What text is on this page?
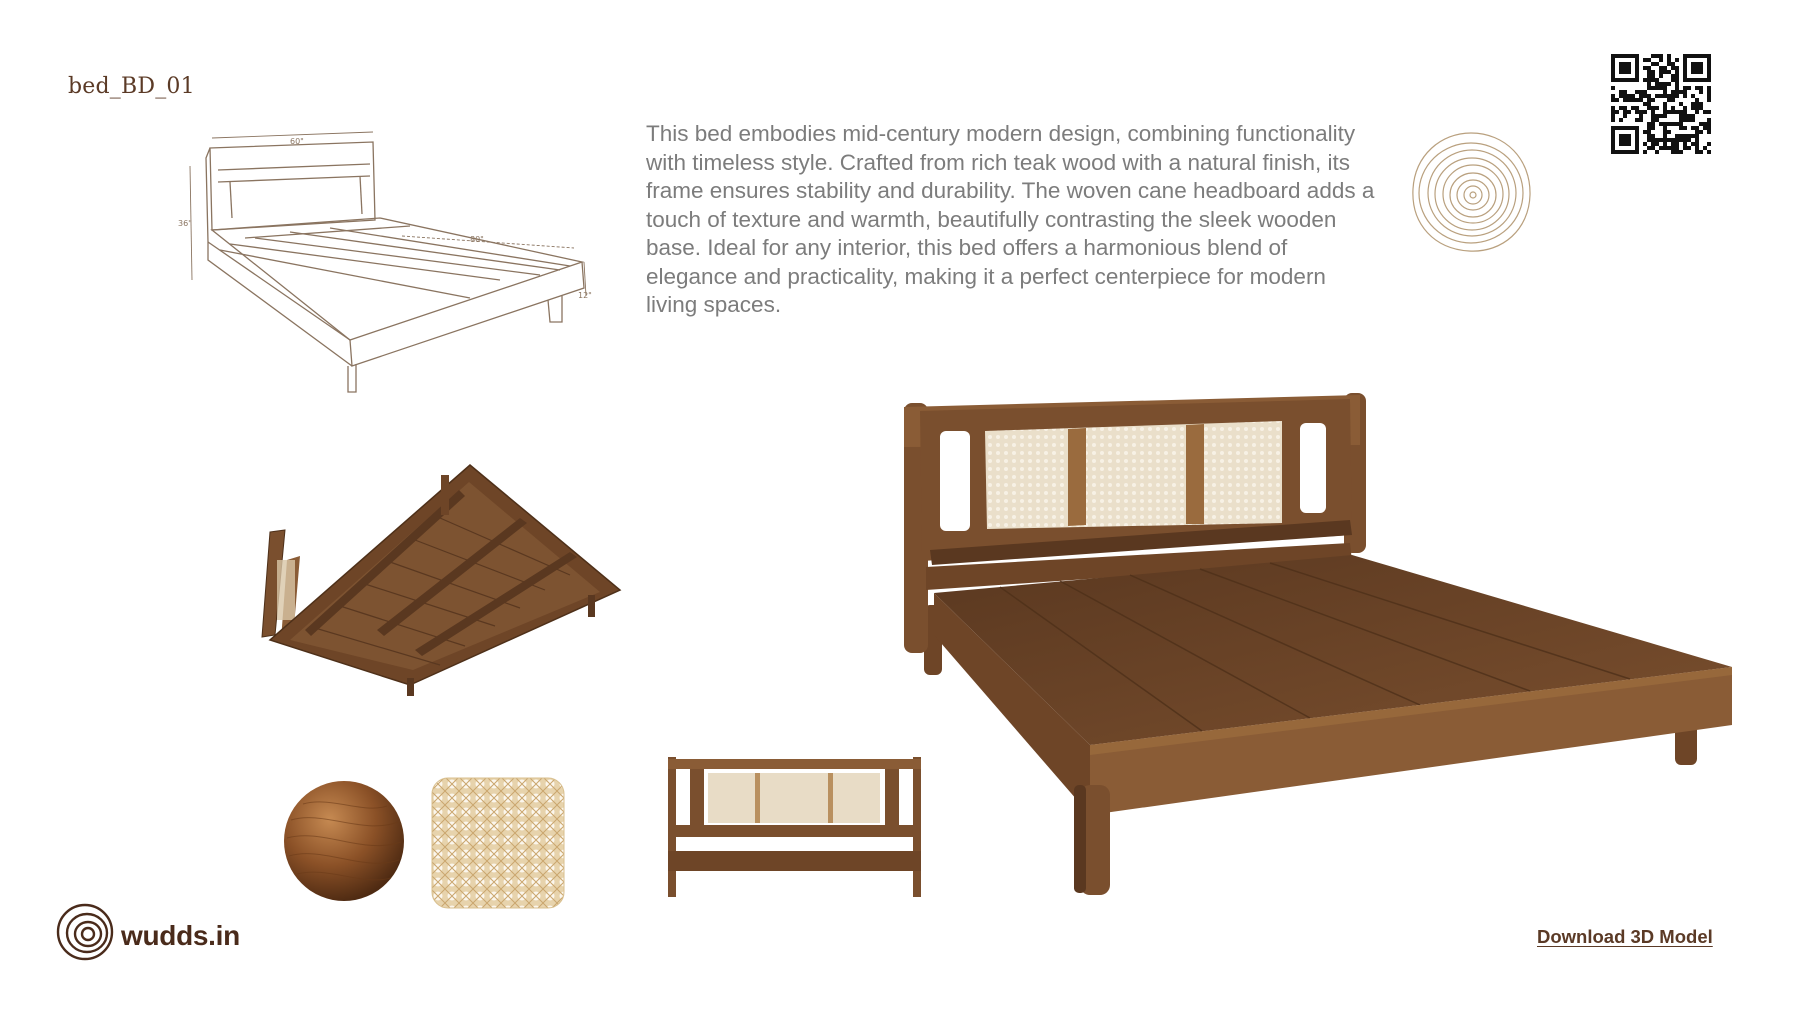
bed_BD_01
60"
36"
80"
12"

This bed embodies mid-century modern design, combining functionality with timeless style. Crafted from rich teak wood with a natural finish, its frame ensures stability and durability. The woven cane headboard adds a touch of texture and warmth, beautifully contrasting the sleek wooden base. Ideal for any interior, this bed offers a harmonious blend of elegance and practicality, making it a perfect centerpiece for modern living spaces.

wudds.in	Download 3D Model
